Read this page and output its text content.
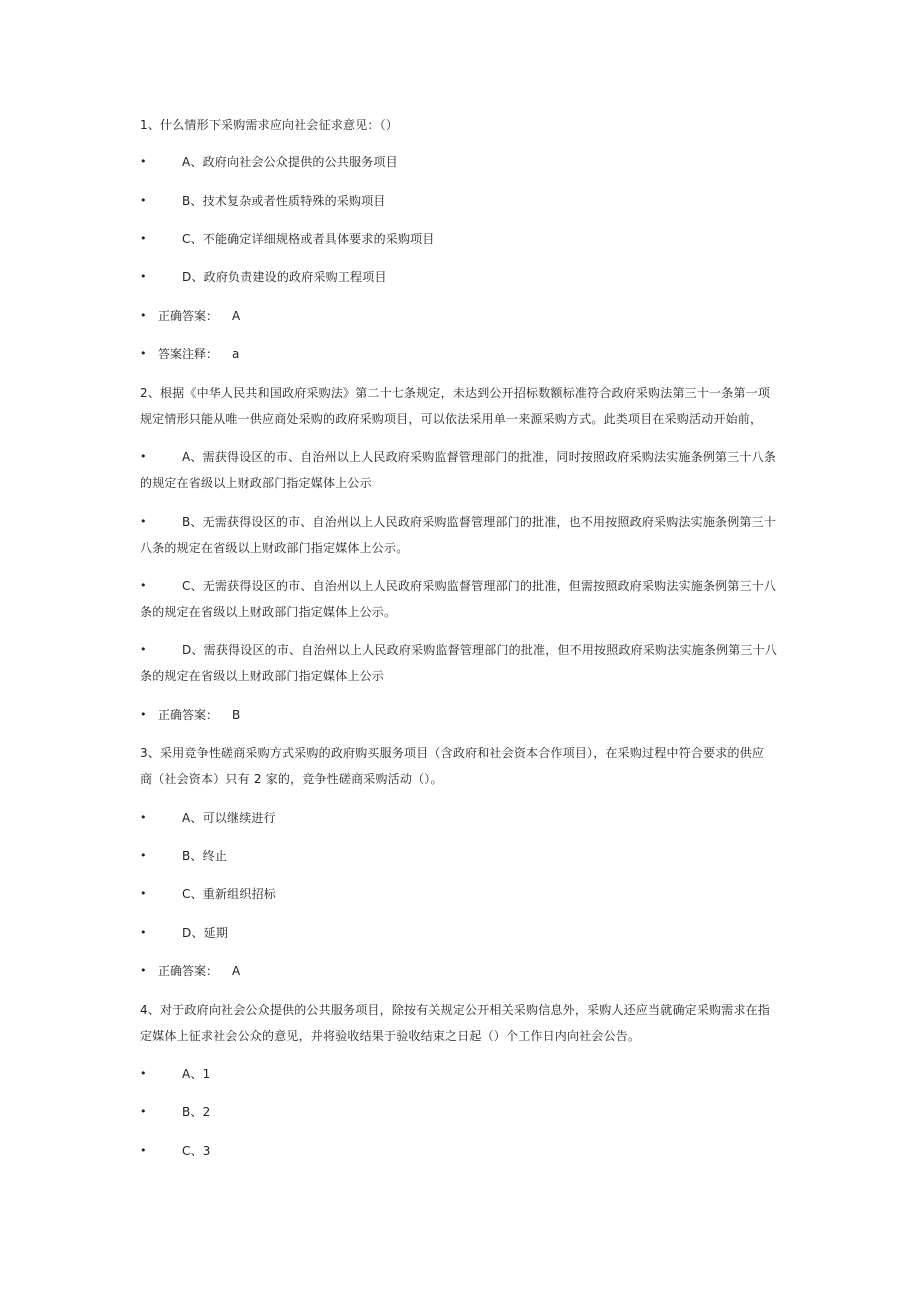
1、什么情形下采购需求应向社会征求意见：（）
•	A、政府向社会公众提供的公共服务项目
•	B、技术复杂或者性质特殊的采购项目
•	C、不能确定详细规格或者具体要求的采购项目
•	D、政府负责建设的政府采购工程项目
• 正确答案： A
• 答案注释： a
2、根据《中华人民共和国政府采购法》第二十七条规定，未达到公开招标数额标准符合政府采购法第三十一条第一项
规定情形只能从唯一供应商处采购的政府采购项目，可以依法采用单一来源采购方式。此类项目在采购活动开始前，
•	A、需获得设区的市、自治州以上人民政府采购监督管理部门的批准，同时按照政府采购法实施条例第三十八条
的规定在省级以上财政部门指定媒体上公示
•	B、无需获得设区的市、自治州以上人民政府采购监督管理部门的批准，也不用按照政府采购法实施条例第三十
八条的规定在省级以上财政部门指定媒体上公示。
•	C、无需获得设区的市、自治州以上人民政府采购监督管理部门的批准，但需按照政府采购法实施条例第三十八
条的规定在省级以上财政部门指定媒体上公示。
•	D、需获得设区的市、自治州以上人民政府采购监督管理部门的批准，但不用按照政府采购法实施条例第三十八
条的规定在省级以上财政部门指定媒体上公示
• 正确答案： B
3、采用竞争性磋商采购方式采购的政府购买服务项目（含政府和社会资本合作项目），在采购过程中符合要求的供应
商（社会资本）只有 2 家的，竞争性磋商采购活动（）。
•	A、可以继续进行
•	B、终止
•	C、重新组织招标
•	D、延期
• 正确答案： A
4、对于政府向社会公众提供的公共服务项目，除按有关规定公开相关采购信息外，采购人还应当就确定采购需求在指
定媒体上征求社会公众的意见，并将验收结果于验收结束之日起（）个工作日内向社会公告。
•	A、1
•	B、2
•	C、3
